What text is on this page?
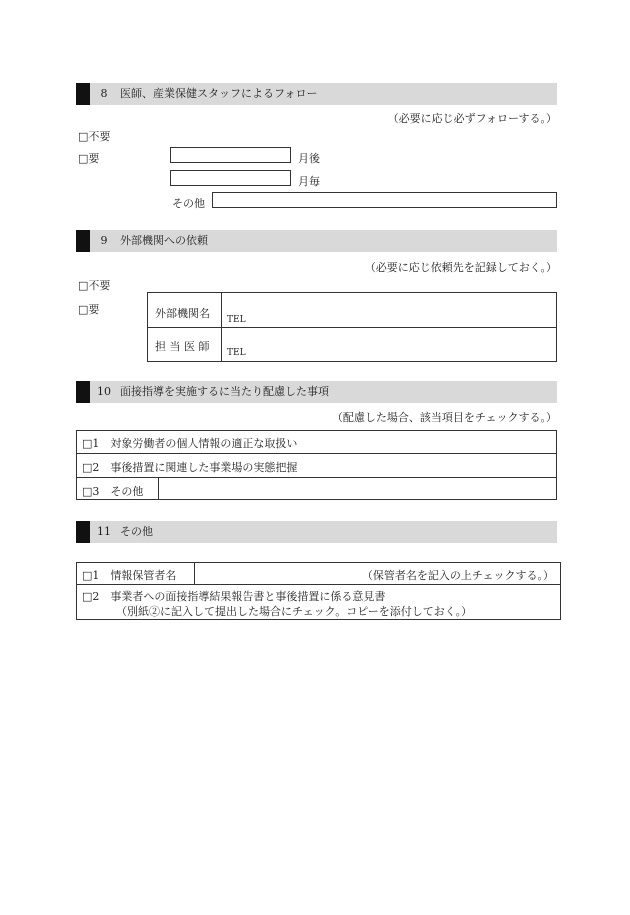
8	医師、産業保健スタッフによるフォロー
（必要に応じ必ずフォローする。）
□不要
□要	月後
月毎
その他
9	外部機関への依頼
（必要に応じ依頼先を記録しておく。）
□不要
□要	外部機関名 TEL
担 当 医 師 TEL
10 面接指導を実施するに当たり配慮した事項
（配慮した場合、該当項目をチェックする。）
□1　対象労働者の個人情報の適正な取扱い
□2　事後措置に関連した事業場の実態把握
□3　その他
11 その他
□1　情報保管者名	（保管者名を記入の上チェックする。）
□2　事業者への面接指導結果報告書と事後措置に係る意見書
（別紙②に記入して提出した場合にチェック。コピーを添付しておく。）
